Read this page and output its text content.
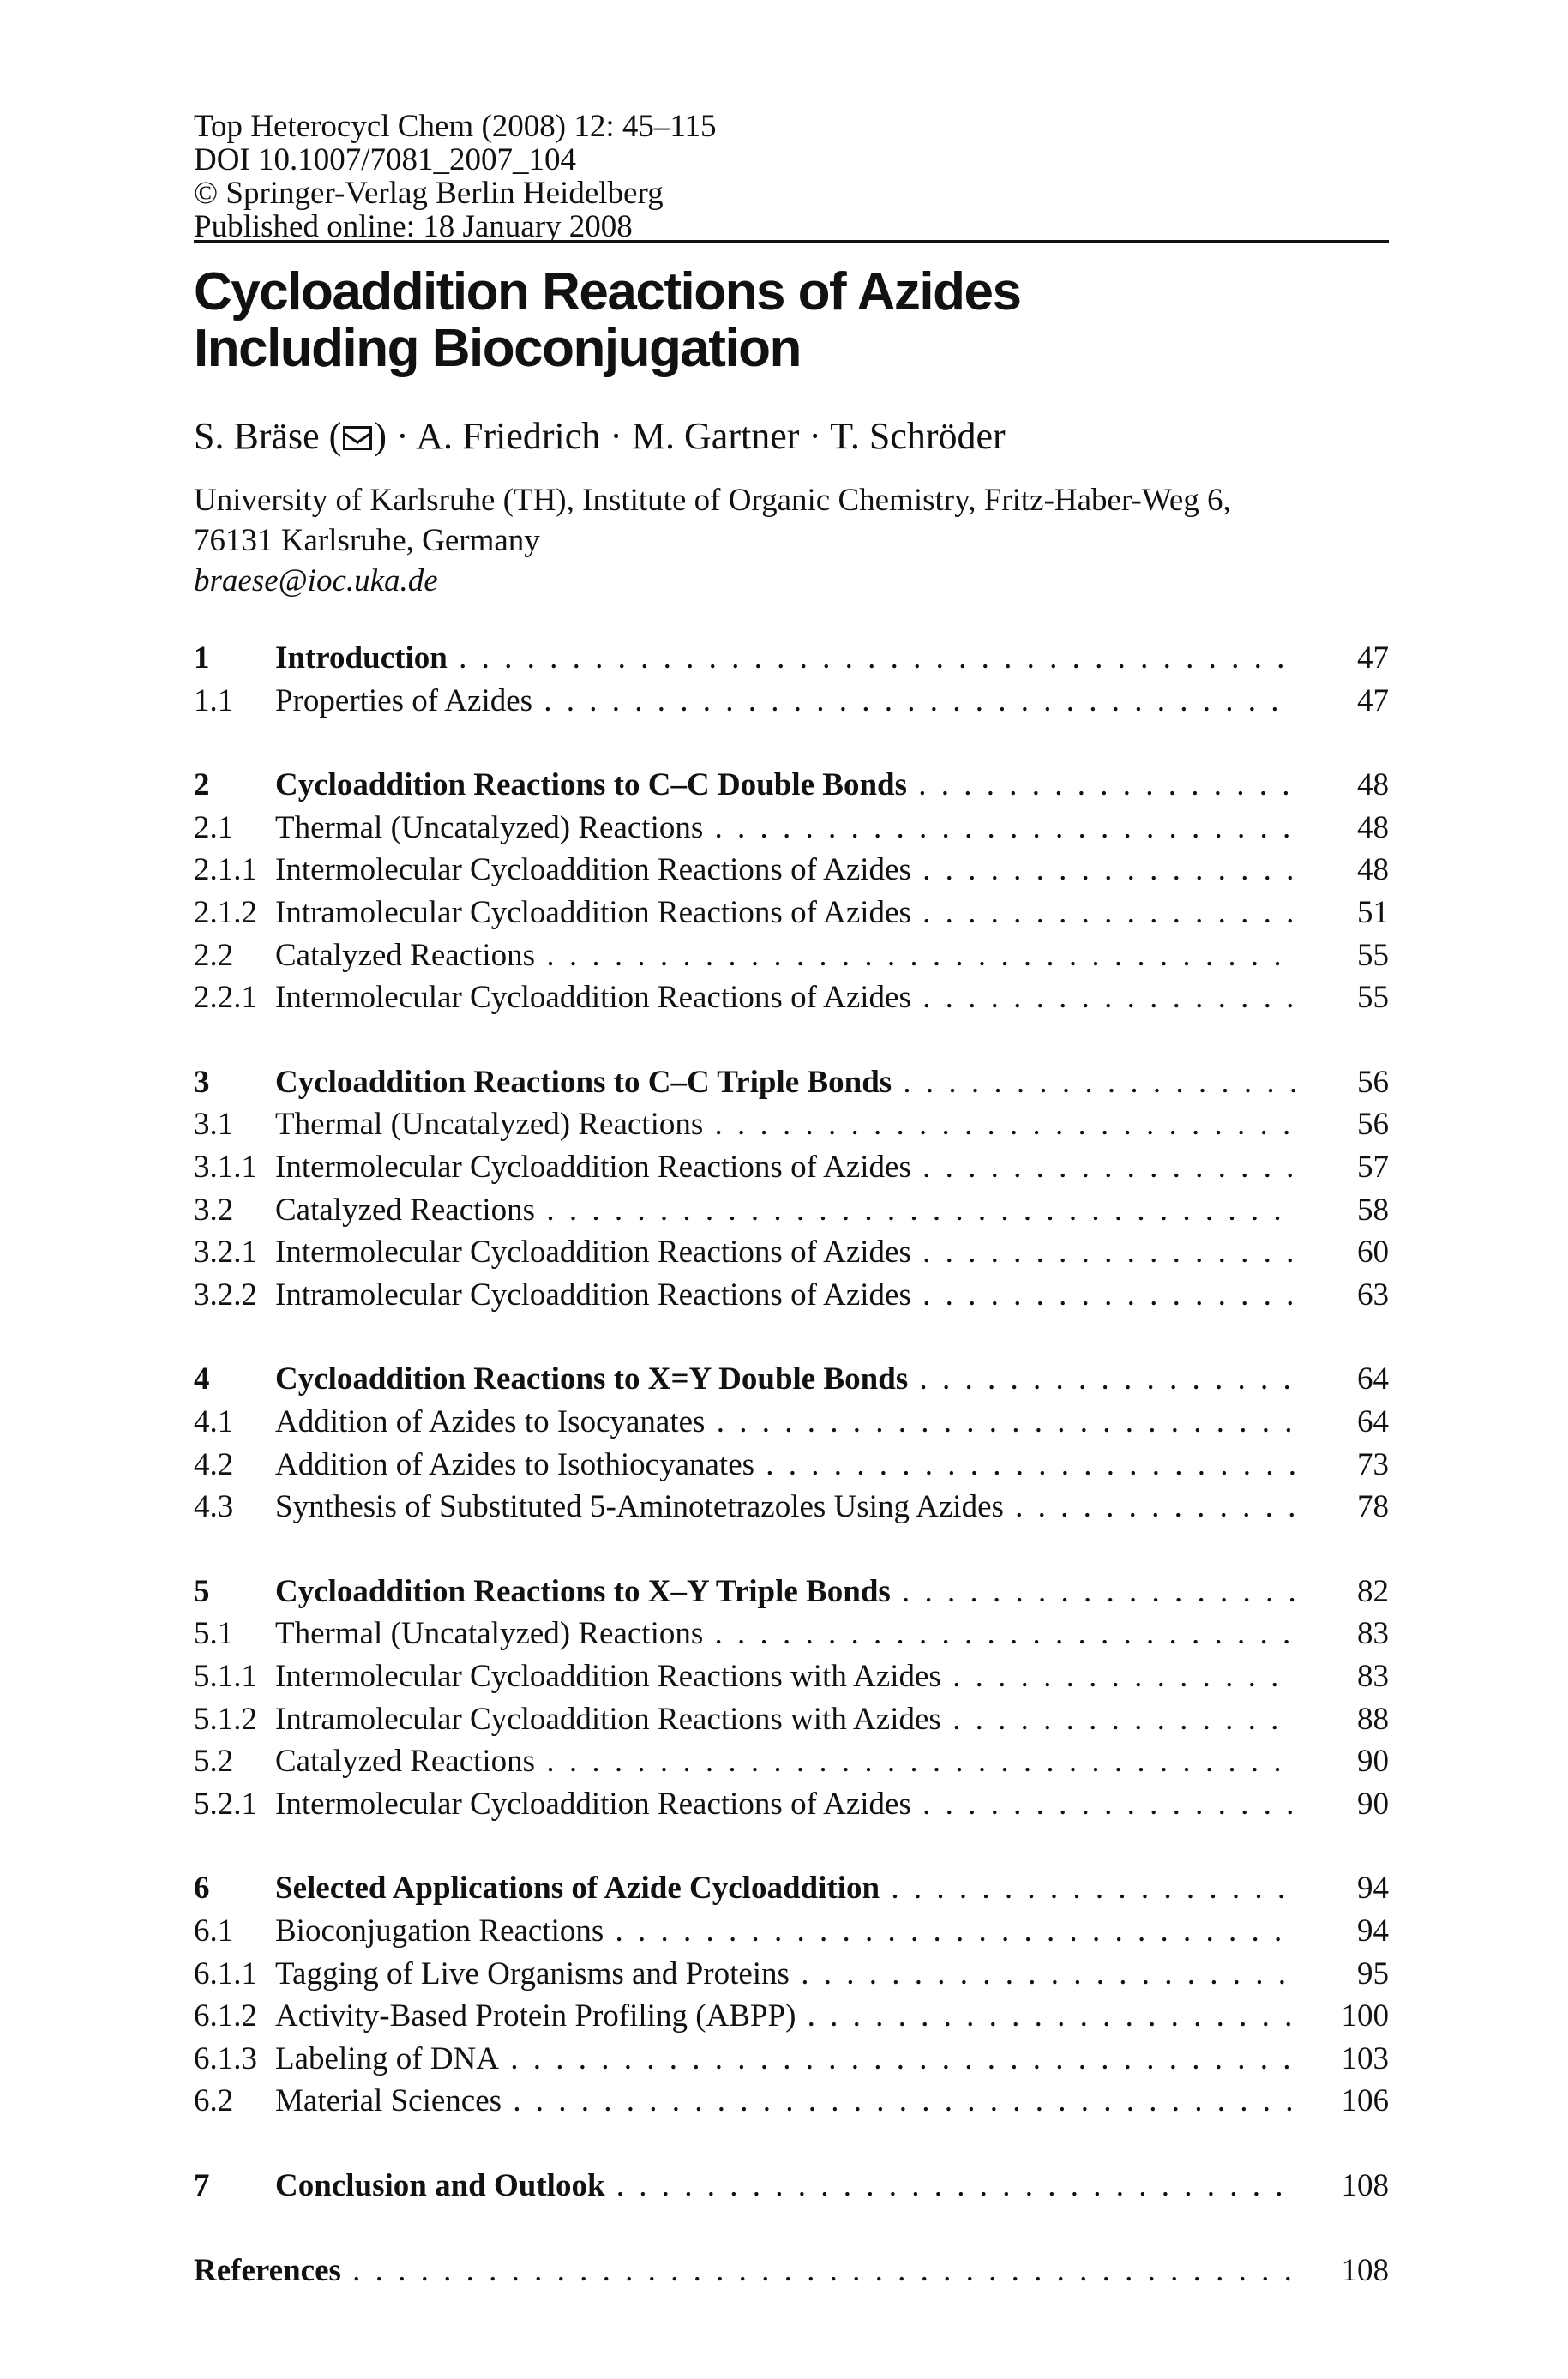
Top Heterocycl Chem (2008) 12: 45–115
DOI 10.1007/7081_2007_104
© Springer-Verlag Berlin Heidelberg
Published online: 18 January 2008
Cycloaddition Reactions of Azides
Including Bioconjugation
S. Bräse ( ) · A. Friedrich · M. Gartner · T. Schröder
University of Karlsruhe (TH), Institute of Organic Chemistry, Fritz-Haber-Weg 6,
76131 Karlsruhe, Germany
braese@ioc.uka.de
1 Introduction . . .	47
1.1 Properties of Azides . . .	47
2 Cycloaddition Reactions to C–C Double Bonds . . .	48
2.1 Thermal (Uncatalyzed) Reactions . . .	48
2.1.1 Intermolecular Cycloaddition Reactions of Azides . . .	48
2.1.2 Intramolecular Cycloaddition Reactions of Azides . . .	51
2.2 Catalyzed Reactions . . .	55
2.2.1 Intermolecular Cycloaddition Reactions of Azides . . .	55
3 Cycloaddition Reactions to C–C Triple Bonds . . .	56
3.1 Thermal (Uncatalyzed) Reactions . . .	56
3.1.1 Intermolecular Cycloaddition Reactions of Azides . . .	57
3.2 Catalyzed Reactions . . .	58
3.2.1 Intermolecular Cycloaddition Reactions of Azides . . .	60
3.2.2 Intramolecular Cycloaddition Reactions of Azides . . .	63
4 Cycloaddition Reactions to X=Y Double Bonds . . .	64
4.1 Addition of Azides to Isocyanates . . .	64
4.2 Addition of Azides to Isothiocyanates . . .	73
4.3 Synthesis of Substituted 5-Aminotetrazoles Using Azides . . .	78
5 Cycloaddition Reactions to X–Y Triple Bonds . . .	82
5.1 Thermal (Uncatalyzed) Reactions . . .	83
5.1.1 Intermolecular Cycloaddition Reactions with Azides . . .	83
5.1.2 Intramolecular Cycloaddition Reactions with Azides . . .	88
5.2 Catalyzed Reactions . . .	90
5.2.1 Intermolecular Cycloaddition Reactions of Azides . . .	90
6 Selected Applications of Azide Cycloaddition . . .	94
6.1 Bioconjugation Reactions . . .	94
6.1.1 Tagging of Live Organisms and Proteins . . .	95
6.1.2 Activity-Based Protein Profiling (ABPP) . . .	100
6.1.3 Labeling of DNA . . .	103
6.2 Material Sciences . . .	106
7 Conclusion and Outlook . . .	108
References . . .	108
